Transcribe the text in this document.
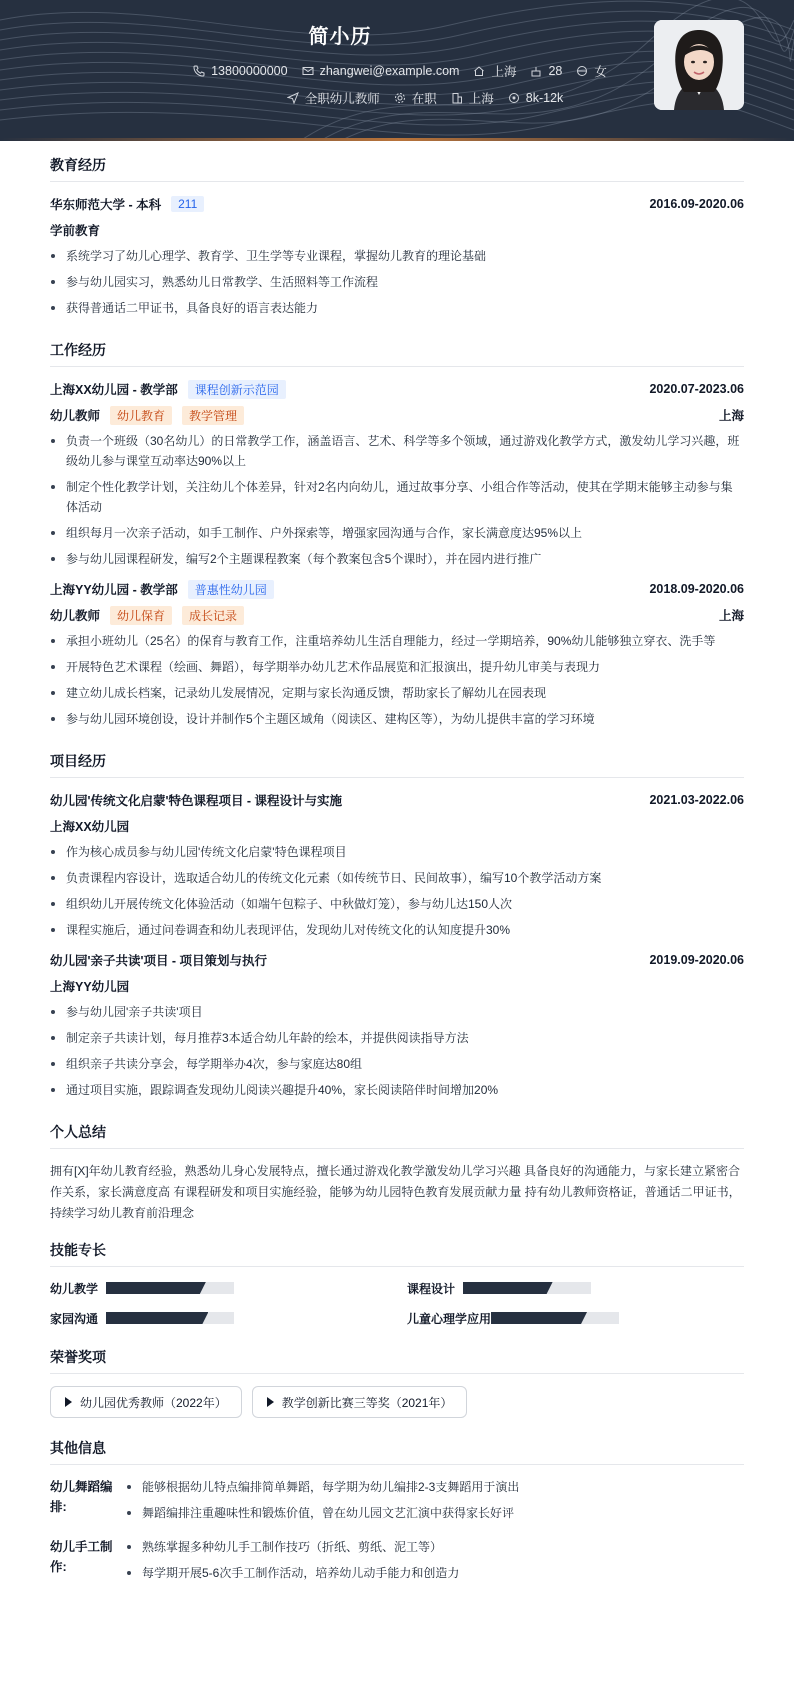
简小历
13800000000	zhangwei@example.com	上海	28	女
全职幼儿教师	在职	上海	8k-12k
教育经历
华东师范大学 - 本科	211	2016.09-2020.06
学前教育
系统学习了幼儿心理学、教育学、卫生学等专业课程，掌握幼儿教育的理论基础
参与幼儿园实习，熟悉幼儿日常教学、生活照料等工作流程
获得普通话二甲证书，具备良好的语言表达能力
工作经历
上海XX幼儿园 - 教学部	课程创新示范园	2020.07-2023.06
幼儿教师	幼儿教育	教学管理	上海
负责一个班级（30名幼儿）的日常教学工作，涵盖语言、艺术、科学等多个领域，通过游戏化教学方式，激发幼儿学习兴趣，班级幼儿参与课堂互动率达90%以上
制定个性化教学计划，关注幼儿个体差异，针对2名内向幼儿，通过故事分享、小组合作等活动，使其在学期末能够主动参与集体活动
组织每月一次亲子活动，如手工制作、户外探索等，增强家园沟通与合作，家长满意度达95%以上
参与幼儿园课程研发，编写2个主题课程教案（每个教案包含5个课时），并在园内进行推广
上海YY幼儿园 - 教学部	普惠性幼儿园	2018.09-2020.06
幼儿教师	幼儿保育	成长记录	上海
承担小班幼儿（25名）的保育与教育工作，注重培养幼儿生活自理能力，经过一学期培养，90%幼儿能够独立穿衣、洗手等
开展特色艺术课程（绘画、舞蹈），每学期举办幼儿艺术作品展览和汇报演出，提升幼儿审美与表现力
建立幼儿成长档案，记录幼儿发展情况，定期与家长沟通反馈，帮助家长了解幼儿在园表现
参与幼儿园环境创设，设计并制作5个主题区域角（阅读区、建构区等），为幼儿提供丰富的学习环境
项目经历
幼儿园'传统文化启蒙'特色课程项目 - 课程设计与实施	2021.03-2022.06
上海XX幼儿园
作为核心成员参与幼儿园'传统文化启蒙'特色课程项目
负责课程内容设计，选取适合幼儿的传统文化元素（如传统节日、民间故事），编写10个教学活动方案
组织幼儿开展传统文化体验活动（如端午包粽子、中秋做灯笼），参与幼儿达150人次
课程实施后，通过问卷调查和幼儿表现评估，发现幼儿对传统文化的认知度提升30%
幼儿园'亲子共读'项目 - 项目策划与执行	2019.09-2020.06
上海YY幼儿园
参与幼儿园'亲子共读'项目
制定亲子共读计划，每月推荐3本适合幼儿年龄的绘本，并提供阅读指导方法
组织亲子共读分享会，每学期举办4次，参与家庭达80组
通过项目实施，跟踪调查发现幼儿阅读兴趣提升40%，家长阅读陪伴时间增加20%
个人总结

拥有[X]年幼儿教育经验，熟悉幼儿身心发展特点，擅长通过游戏化教学激发幼儿学习兴趣 具备良好的沟通能力，与家长建立紧密合作关系，家长满意度高 有课程研发和项目实施经验，能够为幼儿园特色教育发展贡献力量 持有幼儿教师资格证，普通话二甲证书，持续学习幼儿教育前沿理念

技能专长
幼儿教学	课程设计
家园沟通	儿童心理学应用
荣誉奖项
幼儿园优秀教师（2022年）	教学创新比赛三等奖（2021年）
其他信息
幼儿舞蹈编排:
能够根据幼儿特点编排简单舞蹈，每学期为幼儿编排2-3支舞蹈用于演出
舞蹈编排注重趣味性和锻炼价值，曾在幼儿园文艺汇演中获得家长好评
幼儿手工制作:
熟练掌握多种幼儿手工制作技巧（折纸、剪纸、泥工等）
每学期开展5-6次手工制作活动，培养幼儿动手能力和创造力
